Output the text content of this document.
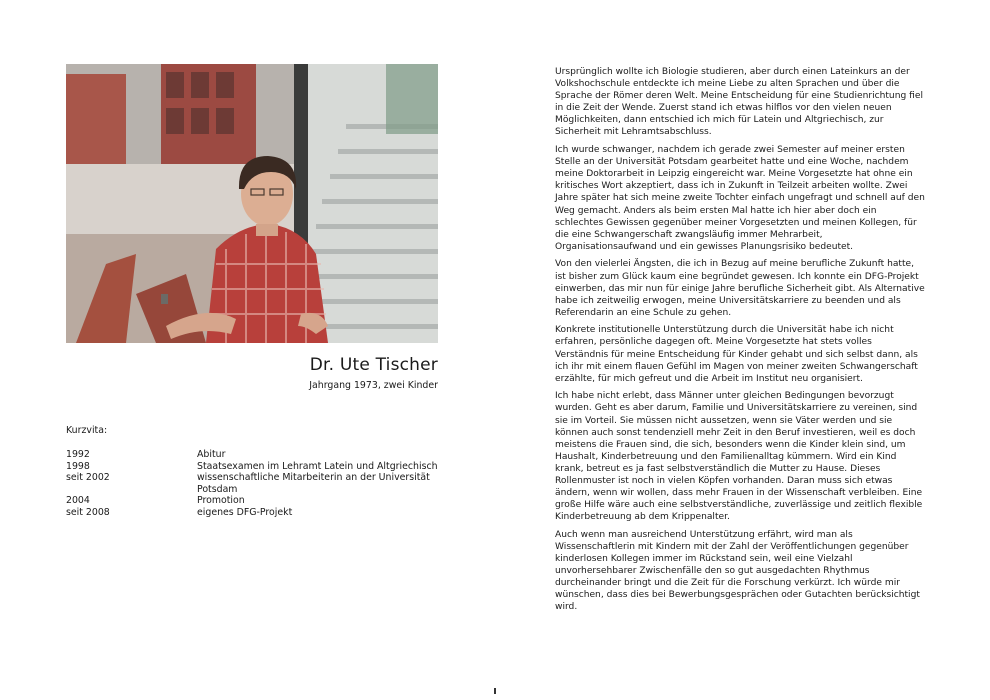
Dr. Ute Tischer
Jahrgang 1973, zwei Kinder
Kurzvita:
1992	Abitur
1998	Staatsexamen im Lehramt Latein und Altgriechisch
seit 2002	wissenschaftliche Mitarbeiterin an der Universität Potsdam
2004	Promotion
seit 2008	eigenes DFG-Projekt

Ursprünglich wollte ich Biologie studieren, aber durch einen Lateinkurs an der Volkshochschule entdeckte ich meine Liebe zu alten Sprachen und über die Sprache der Römer deren Welt. Meine Entscheidung für eine Studienrichtung fiel in die Zeit der Wende. Zuerst stand ich etwas hilflos vor den vielen neuen Möglichkeiten, dann entschied ich mich für Latein und Altgriechisch, zur Sicherheit mit Lehramtsabschluss.

Ich wurde schwanger, nachdem ich gerade zwei Semester auf meiner ersten Stelle an der Universität Potsdam gearbeitet hatte und eine Woche, nachdem meine Doktorarbeit in Leipzig eingereicht war. Meine Vorgesetzte hat ohne ein kritisches Wort akzeptiert, dass ich in Zukunft in Teilzeit arbeiten wollte. Zwei Jahre später hat sich meine zweite Tochter einfach ungefragt und schnell auf den Weg gemacht. Anders als beim ersten Mal hatte ich hier aber doch ein schlechtes Gewissen gegenüber meiner Vorgesetzten und meinen Kollegen, für die eine Schwangerschaft zwangsläufig immer Mehrarbeit, Organisationsaufwand und ein gewisses Planungsrisiko bedeutet.

Von den vielerlei Ängsten, die ich in Bezug auf meine berufliche Zukunft hatte, ist bisher zum Glück kaum eine begründet gewesen. Ich konnte ein DFG-Projekt einwerben, das mir nun für einige Jahre berufliche Sicherheit gibt. Als Alternative habe ich zeitweilig erwogen, meine Universitätskarriere zu beenden und als Referendarin an eine Schule zu gehen.

Konkrete institutionelle Unterstützung durch die Universität habe ich nicht erfahren, persönliche dagegen oft. Meine Vorgesetzte hat stets volles Verständnis für meine Entscheidung für Kinder gehabt und sich selbst dann, als ich ihr mit einem flauen Gefühl im Magen von meiner zweiten Schwangerschaft erzählte, für mich gefreut und die Arbeit im Institut neu organisiert.

Ich habe nicht erlebt, dass Männer unter gleichen Bedingungen bevorzugt wurden. Geht es aber darum, Familie und Universitätskarriere zu vereinen, sind sie im Vorteil. Sie müssen nicht aussetzen, wenn sie Väter werden und sie können auch sonst tendenziell mehr Zeit in den Beruf investieren, weil es doch meistens die Frauen sind, die sich, besonders wenn die Kinder klein sind, um Haushalt, Kinderbetreuung und den Familienalltag kümmern. Wird ein Kind krank, betreut es ja fast selbstverständlich die Mutter zu Hause. Dieses Rollenmuster ist noch in vielen Köpfen vorhanden. Daran muss sich etwas ändern, wenn wir wollen, dass mehr Frauen in der Wissenschaft verbleiben. Eine große Hilfe wäre auch eine selbstverständliche, zuverlässige und zeitlich flexible Kinderbetreuung ab dem Krippenalter.

Auch wenn man ausreichend Unterstützung erfährt, wird man als Wissenschaftlerin mit Kindern mit der Zahl der Veröffentlichungen gegenüber kinderlosen Kollegen immer im Rückstand sein, weil eine Vielzahl unvorhersehbarer Zwischenfälle den so gut ausgedachten Rhythmus durcheinander bringt und die Zeit für die Forschung verkürzt. Ich würde mir wünschen, dass dies bei Bewerbungsgesprächen oder Gutachten berücksichtigt wird.
